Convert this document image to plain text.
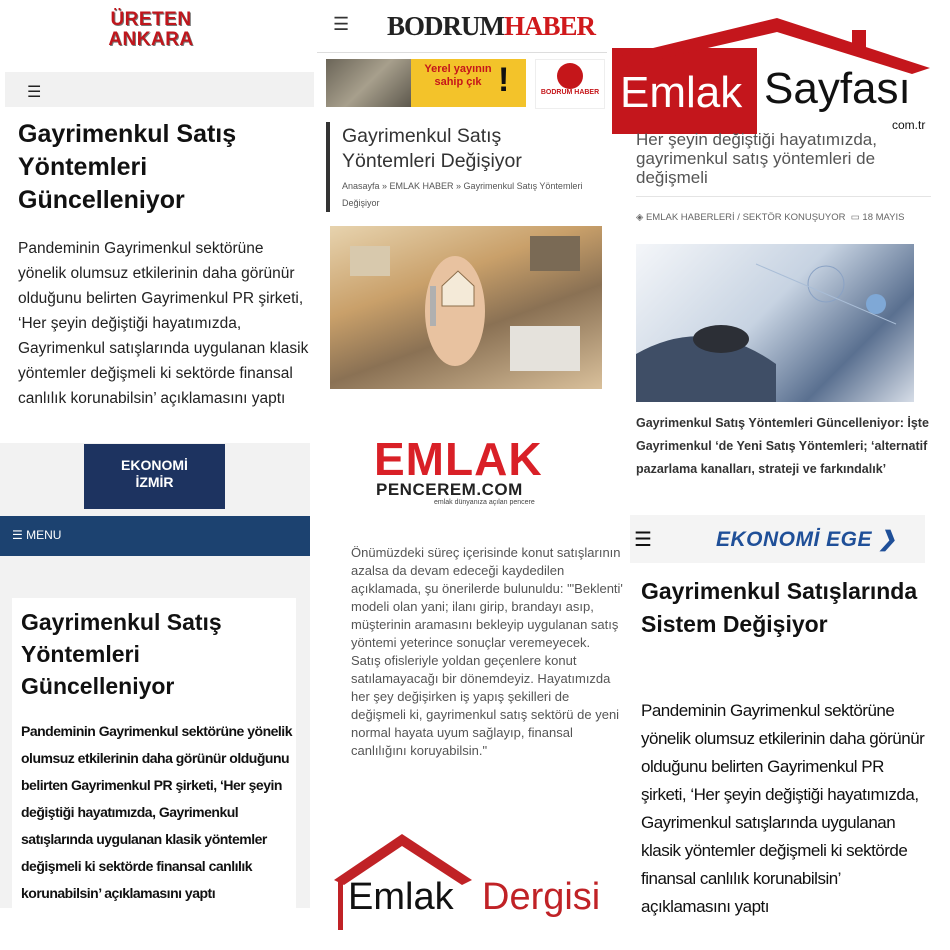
ÜRETEN
ANKARA
☰
Gayrimenkul Satış Yöntemleri Güncelleniyor
Pandeminin Gayrimenkul sektörüne yönelik olumsuz etkilerinin daha görünür olduğunu belirten Gayrimenkul PR şirketi, ‘Her şeyin değiştiği hayatımızda, Gayrimenkul satışlarında uygulanan klasik yöntemler değişmeli ki sektörde finansal canlılık korunabilsin’ açıklamasını yaptı
☰ BODRUMHABER
Yerel yayının sahip çık !	BODRUM HABER
Gayrimenkul Satış Yöntemleri Değişiyor
Anasayfa » EMLAK HABER » Gayrimenkul Satış Yöntemleri Değişiyor
Emlak Sayfası
com.tr
Her şeyin değiştiği hayatımızda, gayrimenkul satış yöntemleri de değişmeli
◈ EMLAK HABERLERİ / SEKTÖR KONUŞUYOR  ▭ 18 MAYIS
Gayrimenkul Satış Yöntemleri Güncelleniyor: İşte Gayrimenkul ‘de Yeni Satış Yöntemleri; ‘alternatif pazarlama kanalları, strateji ve farkındalık’
EKONOMİ
İZMİR
☰ MENU
Gayrimenkul Satış Yöntemleri Güncelleniyor
Pandeminin Gayrimenkul sektörüne yönelik olumsuz etkilerinin daha görünür olduğunu belirten Gayrimenkul PR şirketi, ‘Her şeyin değiştiği hayatımızda, Gayrimenkul satışlarında uygulanan klasik yöntemler değişmeli ki sektörde finansal canlılık korunabilsin’ açıklamasını yaptı
EMLAK
PENCEREM.COM
emlak dünyanıza açılan pencere
Önümüzdeki süreç içerisinde konut satışlarının azalsa da devam edeceği kaydedilen açıklamada, şu önerilerde bulunuldu: "'Beklenti' modeli olan yani; ilanı girip, brandayı asıp, müşterinin aramasını bekleyip uygulanan satış yöntemi yeterince sonuçlar veremeyecek. Satış ofisleriyle yoldan geçenlere konut satılamayacağı bir dönemdeyiz. Hayatımızda her şey değişirken iş yapış şekilleri de değişmeli ki, gayrimenkul satış sektörü de yeni normal hayata uyum sağlayıp, finansal canlılığını koruyabilsin."
Emlak Dergisi
☰	EKONOMİ EGE ❯
Gayrimenkul Satışlarında Sistem Değişiyor
Pandeminin Gayrimenkul sektörüne yönelik olumsuz etkilerinin daha görünür olduğunu belirten Gayrimenkul PR şirketi, ‘Her şeyin değiştiği hayatımızda, Gayrimenkul satışlarında uygulanan klasik yöntemler değişmeli ki sektörde finansal canlılık korunabilsin’ açıklamasını yaptı
